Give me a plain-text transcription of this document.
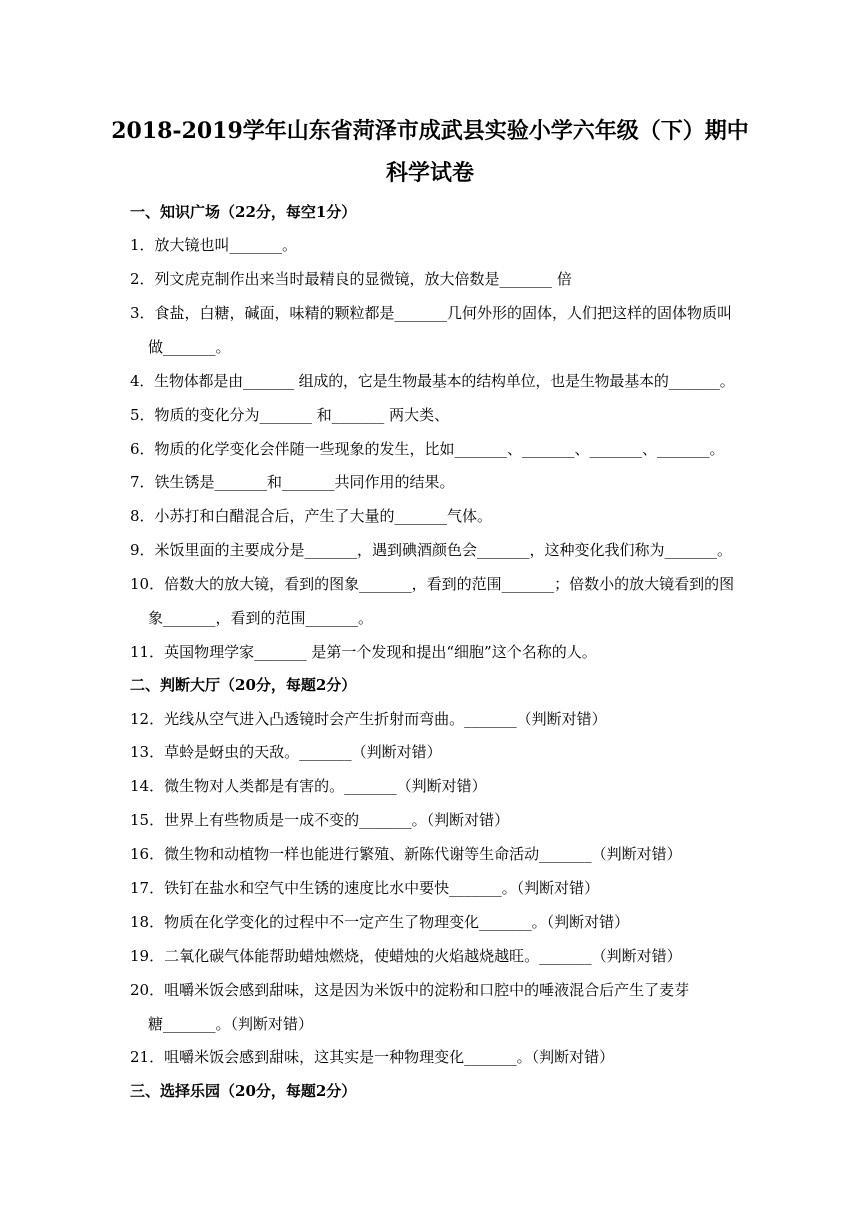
2018-2019学年山东省菏泽市成武县实验小学六年级（下）期中
科学试卷
一、知识广场（22分，每空1分）
1．放大镜也叫_______。
2．列文虎克制作出来当时最精良的显微镜，放大倍数是_______ 倍
3．食盐，白糖，碱面，味精的颗粒都是_______几何外形的固体，人们把这样的固体物质叫
做_______。
4．生物体都是由_______ 组成的，它是生物最基本的结构单位，也是生物最基本的_______。
5．物质的变化分为_______ 和_______ 两大类、
6．物质的化学变化会伴随一些现象的发生，比如_______、_______、_______、_______。
7．铁生锈是_______和_______共同作用的结果。
8．小苏打和白醋混合后，产生了大量的_______气体。
9．米饭里面的主要成分是_______，遇到碘酒颜色会_______，这种变化我们称为_______。
10．倍数大的放大镜，看到的图象_______，看到的范围_______；倍数小的放大镜看到的图
象_______，看到的范围_______。
11．英国物理学家_______ 是第一个发现和提出“细胞”这个名称的人。
二、判断大厅（20分，每题2分）
12．光线从空气进入凸透镜时会产生折射而弯曲。_______（判断对错）
13．草蛉是蚜虫的天敌。_______（判断对错）
14．微生物对人类都是有害的。_______（判断对错）
15．世界上有些物质是一成不变的_______。（判断对错）
16．微生物和动植物一样也能进行繁殖、新陈代谢等生命活动_______（判断对错）
17．铁钉在盐水和空气中生锈的速度比水中要快_______。（判断对错）
18．物质在化学变化的过程中不一定产生了物理变化_______。（判断对错）
19．二氧化碳气体能帮助蜡烛燃烧，使蜡烛的火焰越烧越旺。_______（判断对错）
20．咀嚼米饭会感到甜味，这是因为米饭中的淀粉和口腔中的唾液混合后产生了麦芽
糖_______。（判断对错）
21．咀嚼米饭会感到甜味，这其实是一种物理变化_______。（判断对错）
三、选择乐园（20分，每题2分）
